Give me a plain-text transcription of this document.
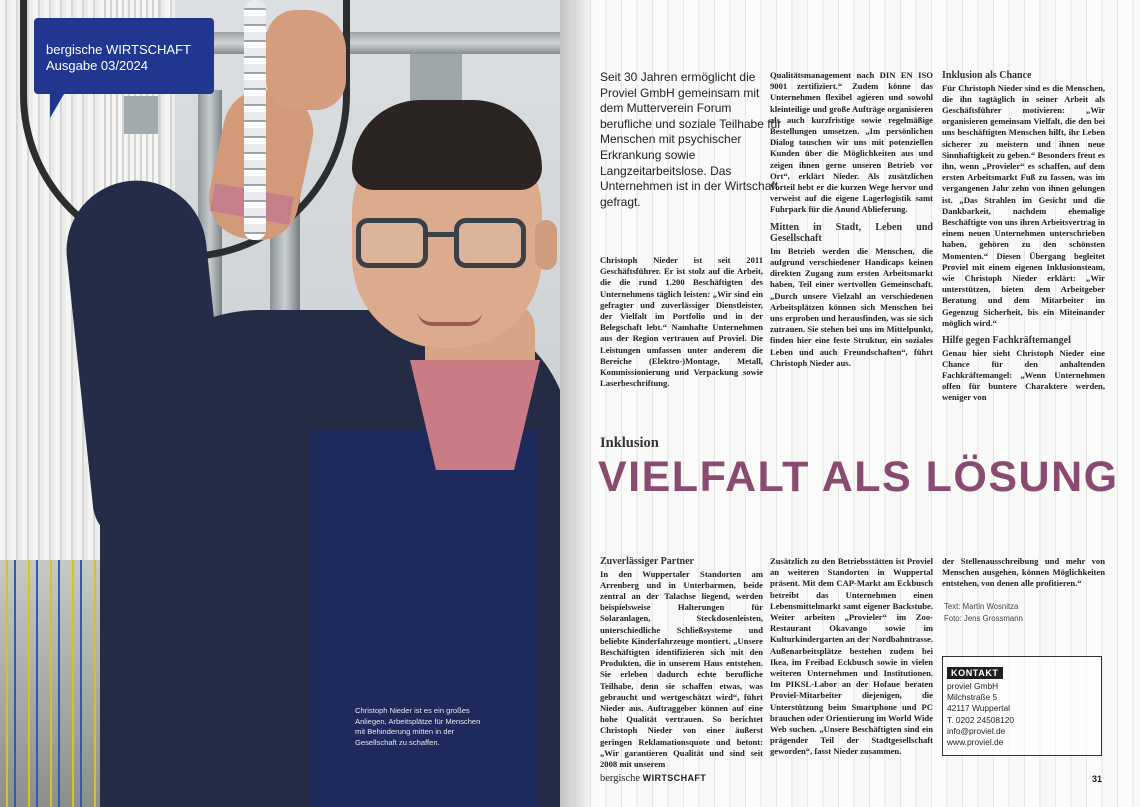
Christoph Nieder ist es ein großes Anliegen, Arbeitsplätze für Menschen mit Behinderung mitten in der Gesellschaft zu schaffen.
bergische WIRTSCHAFT
Ausgabe 03/2024
Seit 30 Jahren ermöglicht die Proviel GmbH gemeinsam mit dem Mutterverein Forum berufliche und soziale Teilhabe für Menschen mit psychischer Erkrankung sowie Langzeitarbeitslose. Das Unternehmen ist in der Wirtschaft gefragt.

Christoph Nieder ist seit 2011 Geschäftsführer. Er ist stolz auf die Arbeit, die die rund 1.200 Beschäftigten des Unternehmens täglich leisten: „Wir sind ein gefragter und zuverlässiger Dienstleister, der Vielfalt im Portfolio und in der Belegschaft lebt.“ Namhafte Unternehmen aus der Region vertrauen auf Proviel. Die Leistungen umfassen unter anderem die Bereiche (Elektro-)Montage, Metall, Kommissionierung und Verpackung sowie Laserbeschriftung.

Qualitätsmanagement nach DIN EN ISO 9001 zertifiziert.“ Zudem könne das Unternehmen flexibel agieren und sowohl kleinteilige und große Aufträge organisieren als auch kurzfristige sowie regelmäßige Bestellungen umsetzen. „Im persönlichen Dialog tauschen wir uns mit potenziellen Kunden über die Möglichkeiten aus und zeigen ihnen gerne unseren Betrieb vor Ort“, erklärt Nieder. Als zusätzlichen Vorteil hebt er die kurzen Wege hervor und verweist auf die eigene Lagerlogistik samt Fuhrpark für die Anund Ablieferung.

Mitten in Stadt, Leben und Gesellschaft

Im Betrieb werden die Menschen, die aufgrund verschiedener Handicaps keinen direkten Zugang zum ersten Arbeitsmarkt haben, Teil einer wertvollen Gemeinschaft. „Durch unsere Vielzahl an verschiedenen Arbeitsplätzen können sich Menschen bei uns erproben und herausfinden, was sie sich zutrauen. Sie stehen bei uns im Mittelpunkt, finden hier eine feste Struktur, ein soziales Leben und auch Freundschaften“, führt Christoph Nieder aus.

Inklusion als Chance

Für Christoph Nieder sind es die Menschen, die ihn tagtäglich in seiner Arbeit als Geschäftsführer motivieren: „Wir organisieren gemeinsam Vielfalt, die den bei uns beschäftigten Menschen hilft, ihr Leben sicherer zu meistern und ihnen neue Sinnhaftigkeit zu geben.“ Besonders freut es ihn, wenn „Provieler“ es schaffen, auf dem ersten Arbeitsmarkt Fuß zu fassen, was im vergangenen Jahr zehn von ihnen gelungen ist. „Das Strahlen im Gesicht und die Dankbarkeit, nachdem ehemalige Beschäftigte von uns ihren Arbeitsvertrag in einem neuen Unternehmen unterschrieben haben, gehören zu den schönsten Momenten.“ Diesen Übergang begleitet Proviel mit einem eigenen Inklusionsteam, wie Christoph Nieder erklärt: „Wir unterstützen, bieten dem Arbeitgeber Beratung und dem Mitarbeiter im Gegenzug Sicherheit, bis ein Miteinander möglich wird.“

Hilfe gegen Fachkräftemangel

Genau hier sieht Christoph Nieder eine Chance für den anhaltenden Fachkräftemangel: „Wenn Unternehmen offen für buntere Charaktere werden, weniger von

Inklusion
VIELFALT ALS LÖSUNG
Zuverlässiger Partner

In den Wuppertaler Standorten am Arrenberg und in Unterbarmen, beide zentral an der Talachse liegend, werden beispielsweise Halterungen für Solaranlagen, Steckdosenleisten, unterschiedliche Schließsysteme und beliebte Kinderfahrzeuge montiert. „Unsere Beschäftigten identifizieren sich mit den Produkten, die in unserem Haus entstehen. Sie erleben dadurch echte berufliche Teilhabe, denn sie schaffen etwas, was gebraucht und wertgeschätzt wird“, führt Nieder aus. Auftraggeber können auf eine hohe Qualität vertrauen. So berichtet Christoph Nieder von einer äußerst geringen Reklamationsquote und betont: „Wir garantieren Qualität und sind seit 2008 mit unserem

Zusätzlich zu den Betriebsstätten ist Proviel an weiteren Standorten in Wuppertal präsent. Mit dem CAP-Markt am Eckbusch betreibt das Unternehmen einen Lebensmittelmarkt samt eigener Backstube. Weiter arbeiten „Provieler“ im Zoo-Restaurant Okavango sowie im Kulturkindergarten an der Nordbahntrasse. Außenarbeitsplätze bestehen zudem bei Ikea, im Freibad Eckbusch sowie in vielen weiteren Unternehmen und Institutionen. Im PIKSL-Labor an der Hofaue beraten Proviel-Mitarbeiter diejenigen, die Unterstützung beim Smartphone und PC brauchen oder Orientierung im World Wide Web suchen. „Unsere Beschäftigten sind ein prägender Teil der Stadtgesellschaft geworden“, fasst Nieder zusammen.

der Stellenausschreibung und mehr von Menschen ausgehen, können Möglichkeiten entstehen, von denen alle profitieren.“

Text: Martin Wosnitza
Foto: Jens Grossmann
KONTAKT
proviel GmbH
Milchstraße 5
42117 Wuppertal
T. 0202 24508120
info@proviel.de
www.proviel.de
bergische WIRTSCHAFT	31
